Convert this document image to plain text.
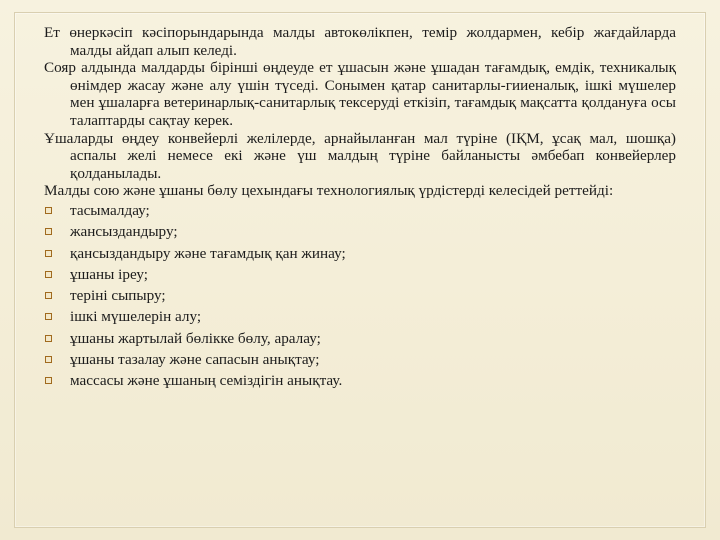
Ет өнеркәсіп кәсіпорындарында малды автокөлікпен, темір жолдармен, кебір жағдайларда малды айдап алып келеді.

Сояр алдында малдарды бірінші өңдеуде ет ұшасын және ұшадан тағамдық, емдік, техникалық өнімдер жасау және алу үшін түседі. Сонымен қатар санитарлы-гииеналық, ішкі мүшелер мен ұшаларға ветеринарлық-санитарлық тексеруді еткізіп, тағамдық мақсатта қолдануға осы талаптарды сақтау керек.

Ұшаларды өңдеу конвейерлі желілерде, арнайыланған мал түріне (ІҚМ, ұсақ мал, шошқа) аспалы желі немесе екі және үш малдың түріне байланысты әмбебап конвейерлер қолданылады.

Малды сою және ұшаны бөлу цехындағы технологиялық үрдістерді келесідей реттейді:

тасымалдау;
жансыздандыру;
қансыздандыру және тағамдық қан жинау;
ұшаны іреу;
теріні сыпыру;
ішкі мүшелерін алу;
ұшаны жартылай бөлікке бөлу, аралау;
ұшаны тазалау және сапасын анықтау;
массасы және ұшаның семіздігін анықтау.
